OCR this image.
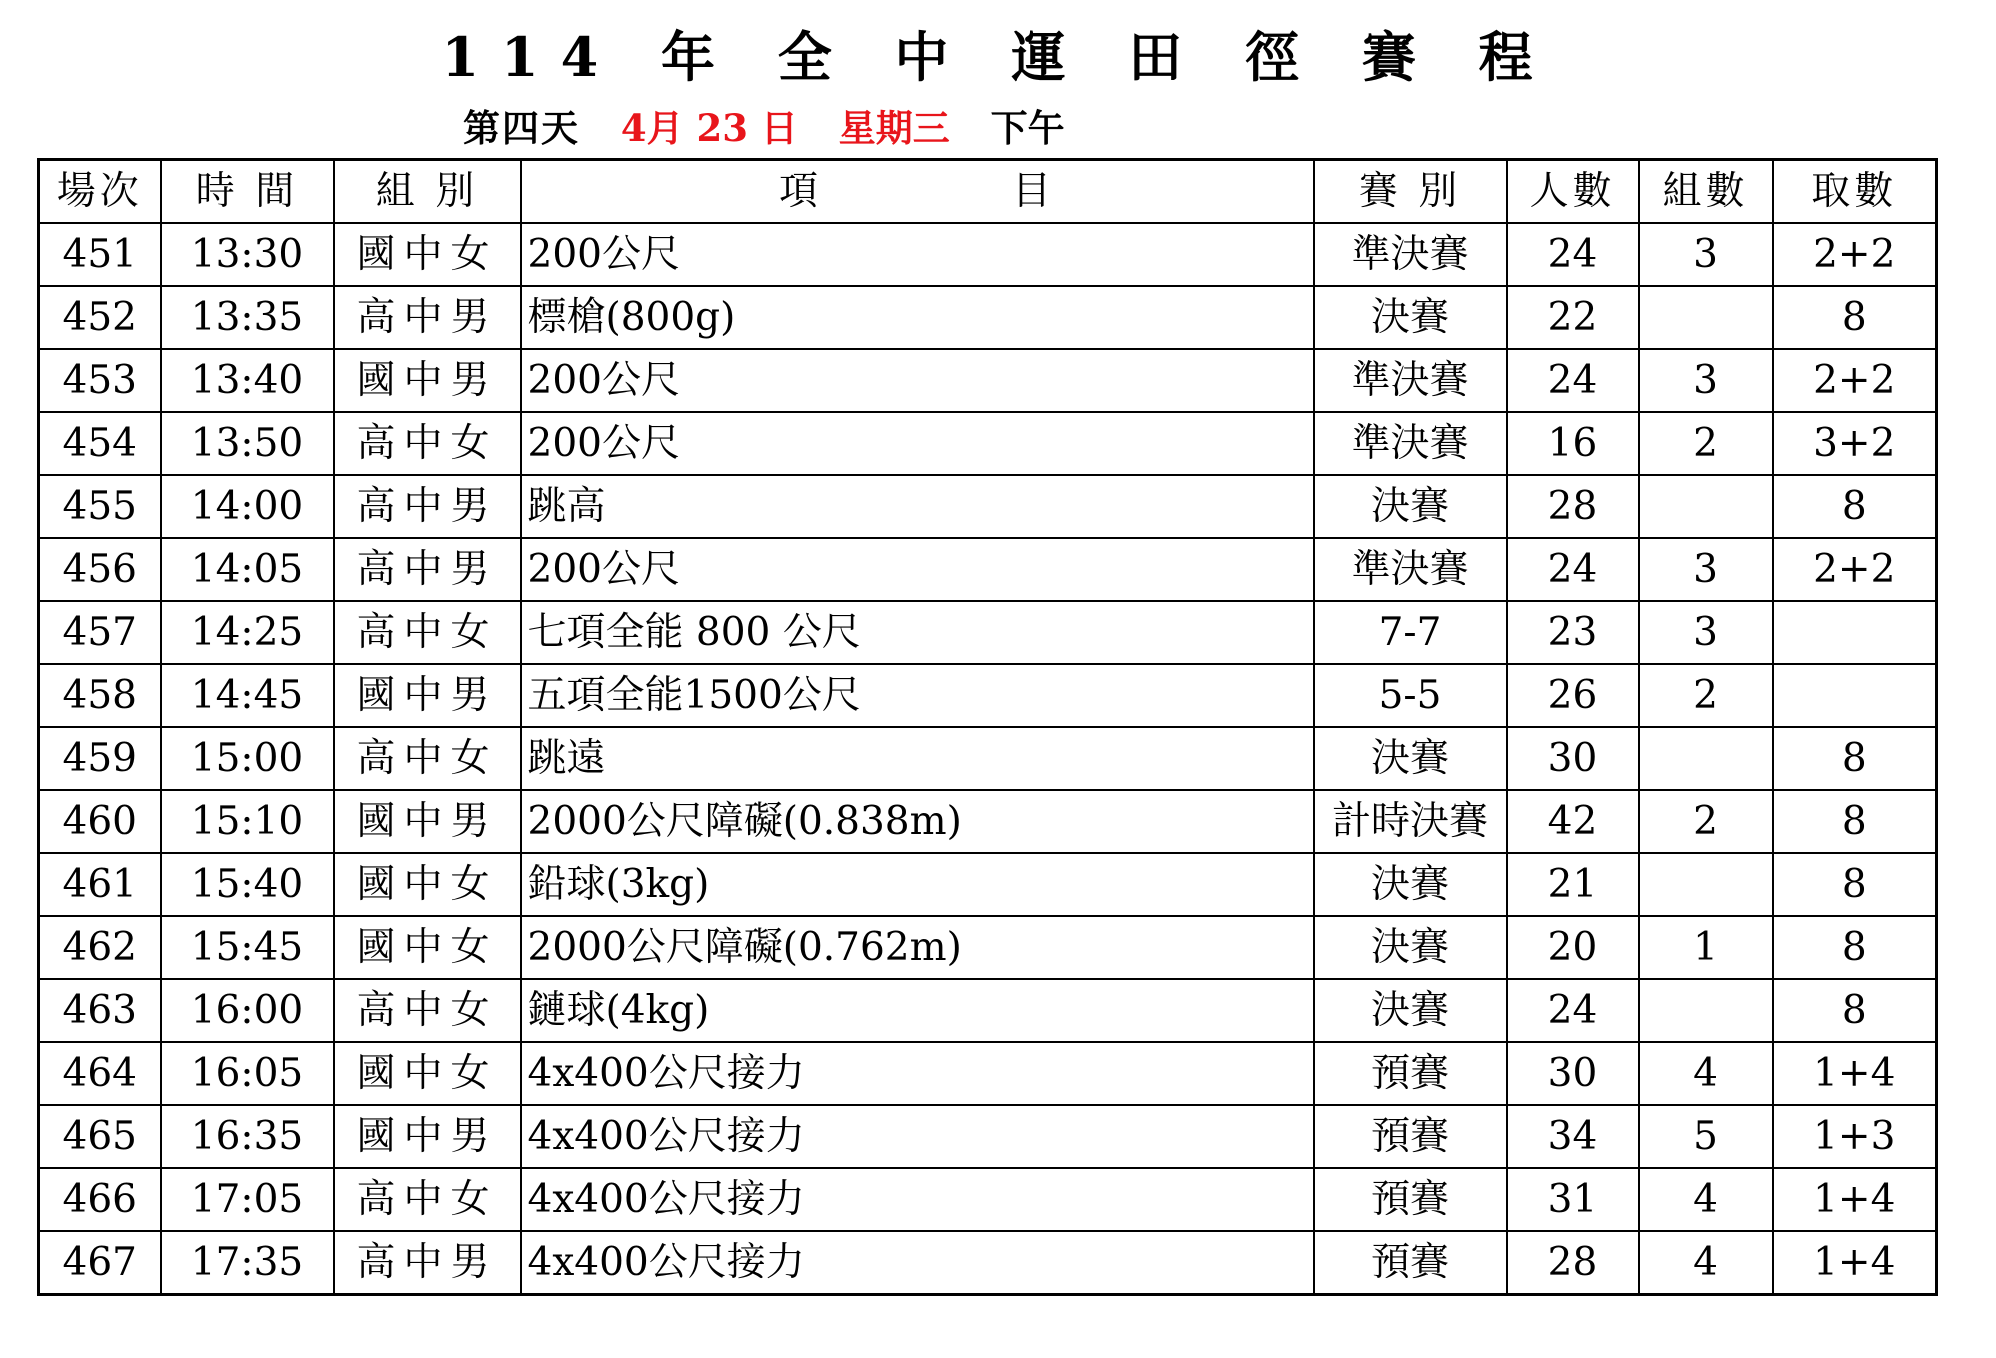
114 年 全 中 運 田 徑 賽 程
第四天 4月 23 日 星期三 下午
場次	時 間	組 別	項 目	賽 別	人數	組數	取數
451	13:30	國中女	200公尺	準決賽	24	3	2+2
452	13:35	高中男	標槍(800g)	決賽	22		8
453	13:40	國中男	200公尺	準決賽	24	3	2+2
454	13:50	高中女	200公尺	準決賽	16	2	3+2
455	14:00	高中男	跳高	決賽	28		8
456	14:05	高中男	200公尺	準決賽	24	3	2+2
457	14:25	高中女	七項全能 800 公尺	7-7	23	3	
458	14:45	國中男	五項全能1500公尺	5-5	26	2	
459	15:00	高中女	跳遠	決賽	30		8
460	15:10	國中男	2000公尺障礙(0.838m)	計時決賽	42	2	8
461	15:40	國中女	鉛球(3kg)	決賽	21		8
462	15:45	國中女	2000公尺障礙(0.762m)	決賽	20	1	8
463	16:00	高中女	鏈球(4kg)	決賽	24		8
464	16:05	國中女	4x400公尺接力	預賽	30	4	1+4
465	16:35	國中男	4x400公尺接力	預賽	34	5	1+3
466	17:05	高中女	4x400公尺接力	預賽	31	4	1+4
467	17:35	高中男	4x400公尺接力	預賽	28	4	1+4
